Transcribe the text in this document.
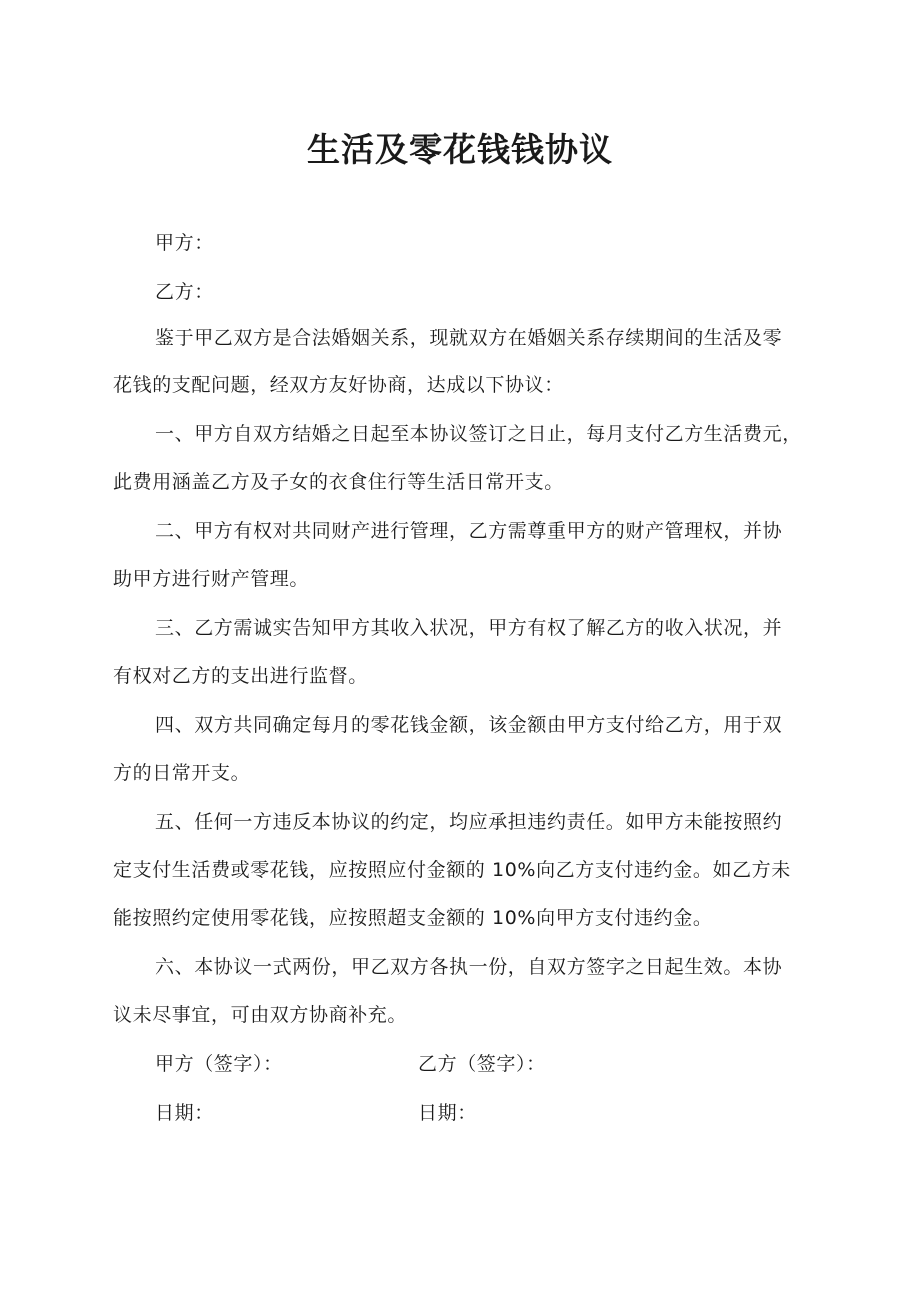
生活及零花钱钱协议
甲方：
乙方：
鉴于甲乙双方是合法婚姻关系，现就双方在婚姻关系存续期间的生活及零
花钱的支配问题，经双方友好协商，达成以下协议：
一、甲方自双方结婚之日起至本协议签订之日止，每月支付乙方生活费元，
此费用涵盖乙方及子女的衣食住行等生活日常开支。
二、甲方有权对共同财产进行管理，乙方需尊重甲方的财产管理权，并协
助甲方进行财产管理。
三、乙方需诚实告知甲方其收入状况，甲方有权了解乙方的收入状况，并
有权对乙方的支出进行监督。
四、双方共同确定每月的零花钱金额，该金额由甲方支付给乙方，用于双
方的日常开支。
五、任何一方违反本协议的约定，均应承担违约责任。如甲方未能按照约
定支付生活费或零花钱，应按照应付金额的 10%向乙方支付违约金。如乙方未
能按照约定使用零花钱，应按照超支金额的 10%向甲方支付违约金。
六、本协议一式两份，甲乙双方各执一份，自双方签字之日起生效。本协
议未尽事宜，可由双方协商补充。
甲方（签字）：	乙方（签字）：
日期：	日期：
